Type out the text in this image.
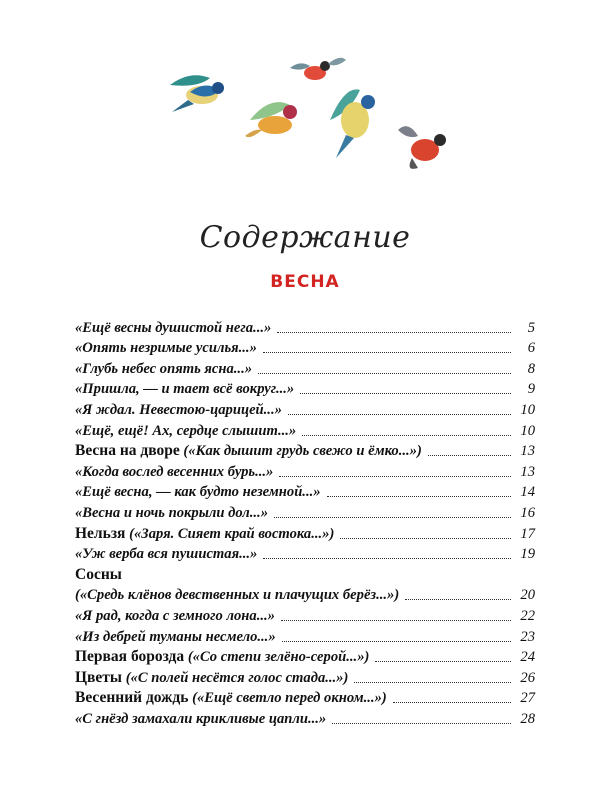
Содержание
ВЕСНА
«Ещё весны душистой нега...»	5
«Опять незримые усилья...»	6
«Глубь небес опять ясна...»	8
«Пришла, — и тает всё вокруг...»	9
«Я ждал. Невестою-царицей...»	10
«Ещё, ещё! Ах, сердце слышит...»	10
Весна на дворе
(«Как дышит грудь свежо и ёмко...»)	13
«Когда вослед весенних бурь...»	13
«Ещё весна, — как будто неземной...»	14
«Весна и ночь покрыли дол...»	16
Нельзя
(«Заря. Сияет край востока...»)	17
«Уж верба вся пушистая...»	19
Сосны
(«Средь клёнов девственных и плачущих берёз...»)	20
«Я рад, когда с земного лона...»	22
«Из дебрей туманы несмело...»	23
Первая борозда
(«Со степи зелёно-серой...»)	24
Цветы
(«С полей несётся голос стада...»)	26
Весенний дождь
(«Ещё светло перед окном...»)	27
«С гнёзд замахали крикливые цапли...»	28
